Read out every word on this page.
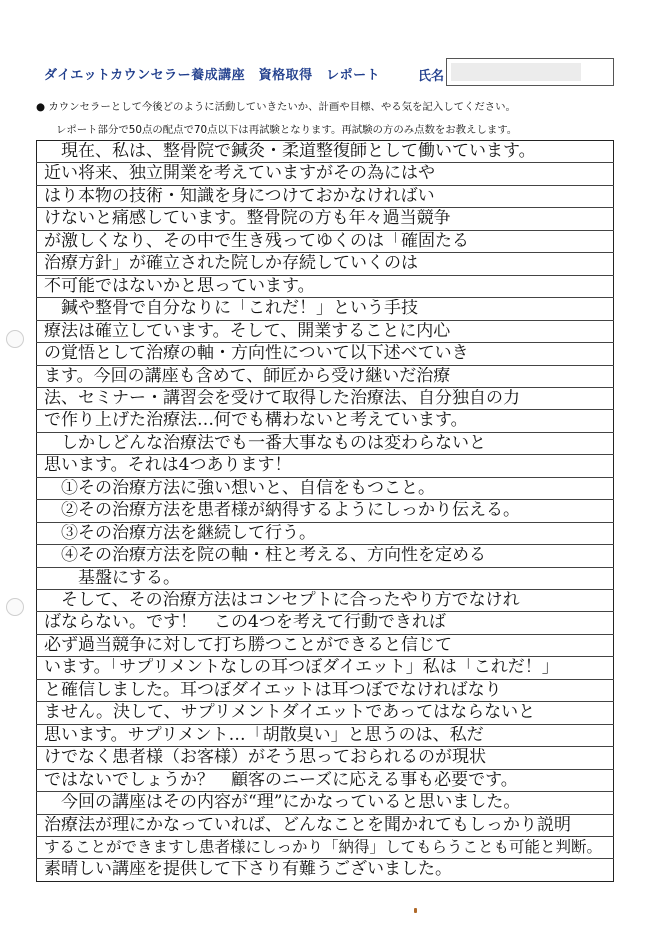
ダイエットカウンセラー養成講座　資格取得　レポート	氏名
● カウンセラーとして今後どのように活動していきたいか、計画や目標、やる気を記入してください。
レポート部分で50点の配点で70点以下は再試験となります。再試験の方のみ点数をお教えします。

　現在、私は、整骨院で鍼灸・柔道整復師として働いています。

近い将来、独立開業を考えていますがその為にはや

はり本物の技術・知識を身につけておかなければい

けないと痛感しています。整骨院の方も年々過当競争

が激しくなり、その中で生き残ってゆくのは「確固たる

治療方針」が確立された院しか存続していくのは

不可能ではないかと思っています。

　鍼や整骨で自分なりに「これだ！」という手技

療法は確立しています。そして、開業することに内心

の覚悟として治療の軸・方向性について以下述べていき

ます。今回の講座も含めて、師匠から受け継いだ治療

法、セミナー・講習会を受けて取得した治療法、自分独自の力

で作り上げた治療法…何でも構わないと考えています。

　しかしどんな治療法でも一番大事なものは変わらないと

思います。それは4つあります！

　①その治療方法に強い想いと、自信をもつこと。

　②その治療方法を患者様が納得するようにしっかり伝える。

　③その治療方法を継続して行う。

　④その治療方法を院の軸・柱と考える、方向性を定める

　　基盤にする。

　そして、その治療方法はコンセプトに合ったやり方でなけれ

ばならない。です！　この4つを考えて行動できれば

必ず過当競争に対して打ち勝つことができると信じて

います。「サプリメントなしの耳つぼダイエット」私は「これだ！」

と確信しました。耳つぼダイエットは耳つぼでなければなり

ません。決して、サプリメントダイエットであってはならないと

思います。サプリメント…「胡散臭い」と思うのは、私だ

けでなく患者様（お客様）がそう思っておられるのが現状

ではないでしょうか？　顧客のニーズに応える事も必要です。

　今回の講座はその内容が“理”にかなっていると思いました。

治療法が理にかなっていれば、どんなことを聞かれてもしっかり説明

することができますし患者様にしっかり「納得」してもらうことも可能と判断。

素晴しい講座を提供して下さり有難うございました。
